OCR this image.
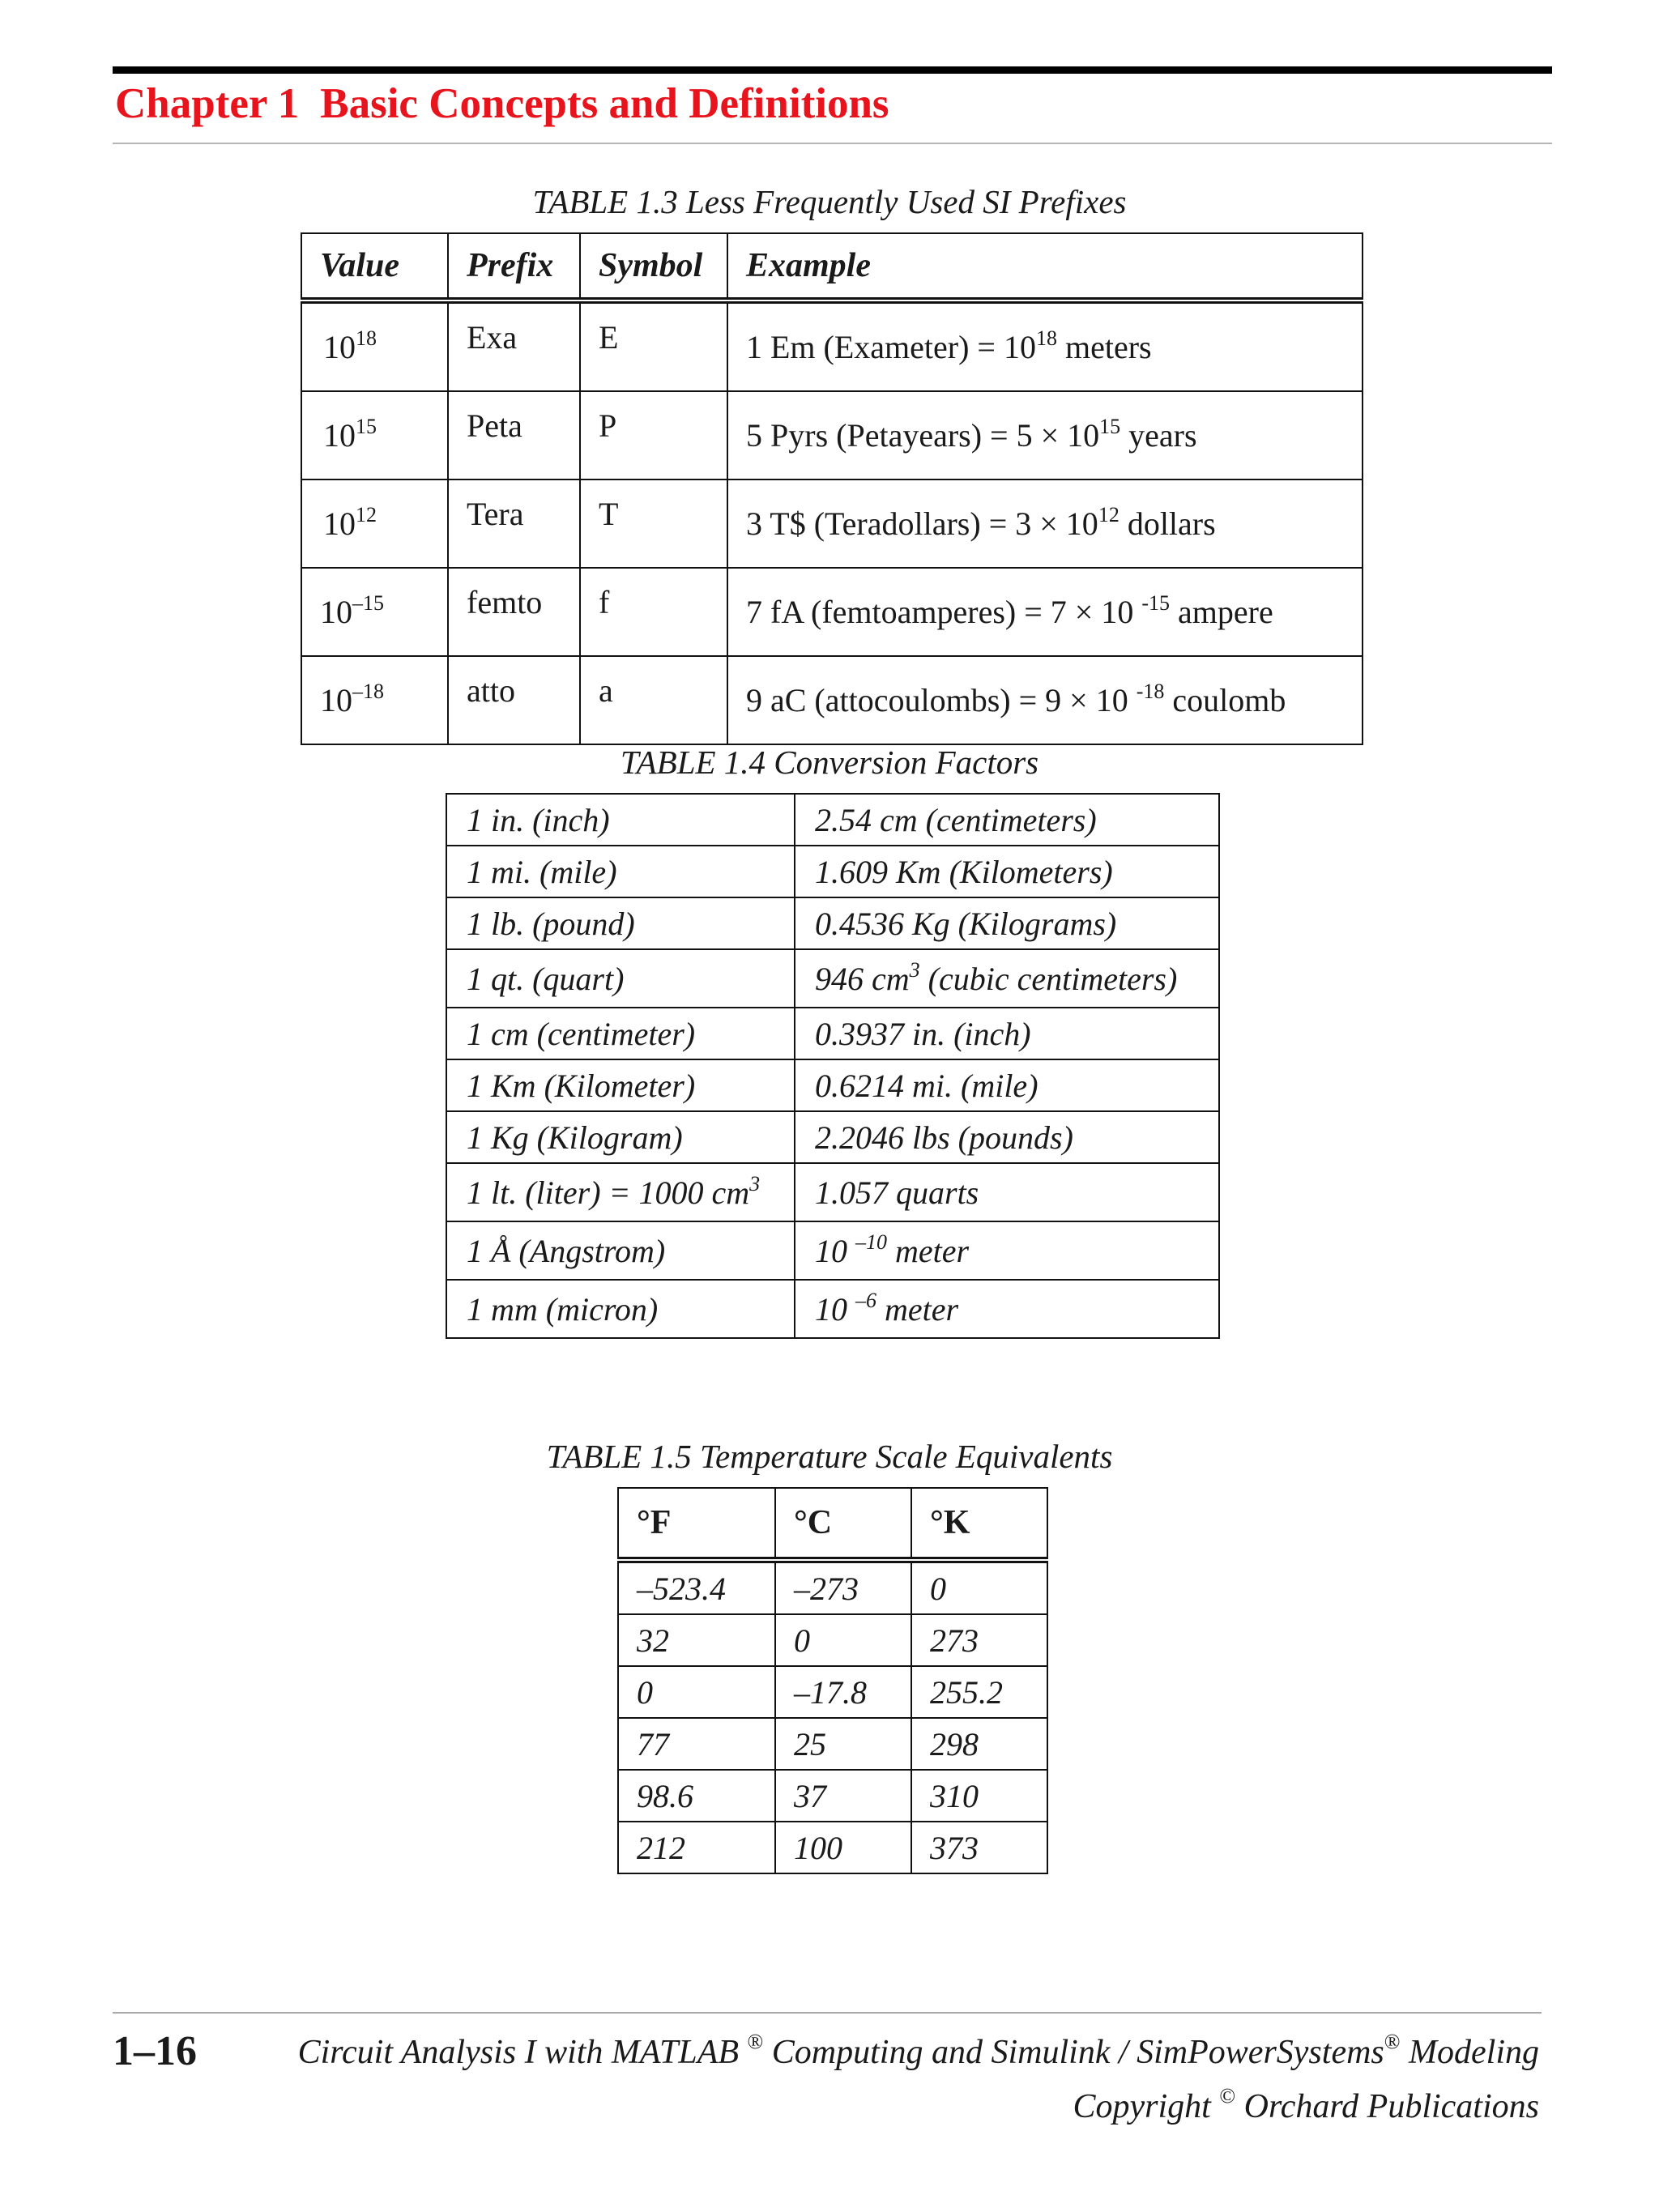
Chapter 1 Basic Concepts and Definitions
TABLE 1.3 Less Frequently Used SI Prefixes
Value	Prefix	Symbol	Example
$10^{18}$	Exa	E	1 Em (Exameter) = $10^{18}$ meters
$10^{15}$	Peta	P	5 Pyrs (Petayears) = $5 \times 10^{15}$ years
$10^{12}$	Tera	T	3 T$ (Teradollars) = $3 \times 10^{12}$ dollars
$10^{-15}$	femto	f	7 fA (femtoamperes) = 7 × 10 $^{-15}$ ampere
$10^{-18}$	atto	a	9 aC (attocoulombs) = 9 × 10 $^{-18}$ coulomb
TABLE 1.4 Conversion Factors
1 in. (inch)	2.54 cm (centimeters)
1 mi. (mile)	1.609 Km (Kilometers)
1 lb. (pound)	0.4536 Kg (Kilograms)
1 qt. (quart)	946 $cm^3$ (cubic centimeters)
1 cm (centimeter)	0.3937 in. (inch)
1 Km (Kilometer)	0.6214 mi. (mile)
1 Kg (Kilogram)	2.2046 lbs (pounds)
1 lt. (liter) = 1000 $cm^3$	1.057 quarts
1 Å (Angstrom)	10 $^{-10}$ meter
1 mm (micron)	10 $^{-6}$ meter
TABLE 1.5 Temperature Scale Equivalents
°F	°C	°K
–523.4	–273	0
32	0	273
0	–17.8	255.2
77	25	298
98.6	37	310
212	100	373
1–16	Circuit Analysis I with MATLAB ® Computing and Simulink / SimPowerSystems® Modeling
Copyright © Orchard Publications
